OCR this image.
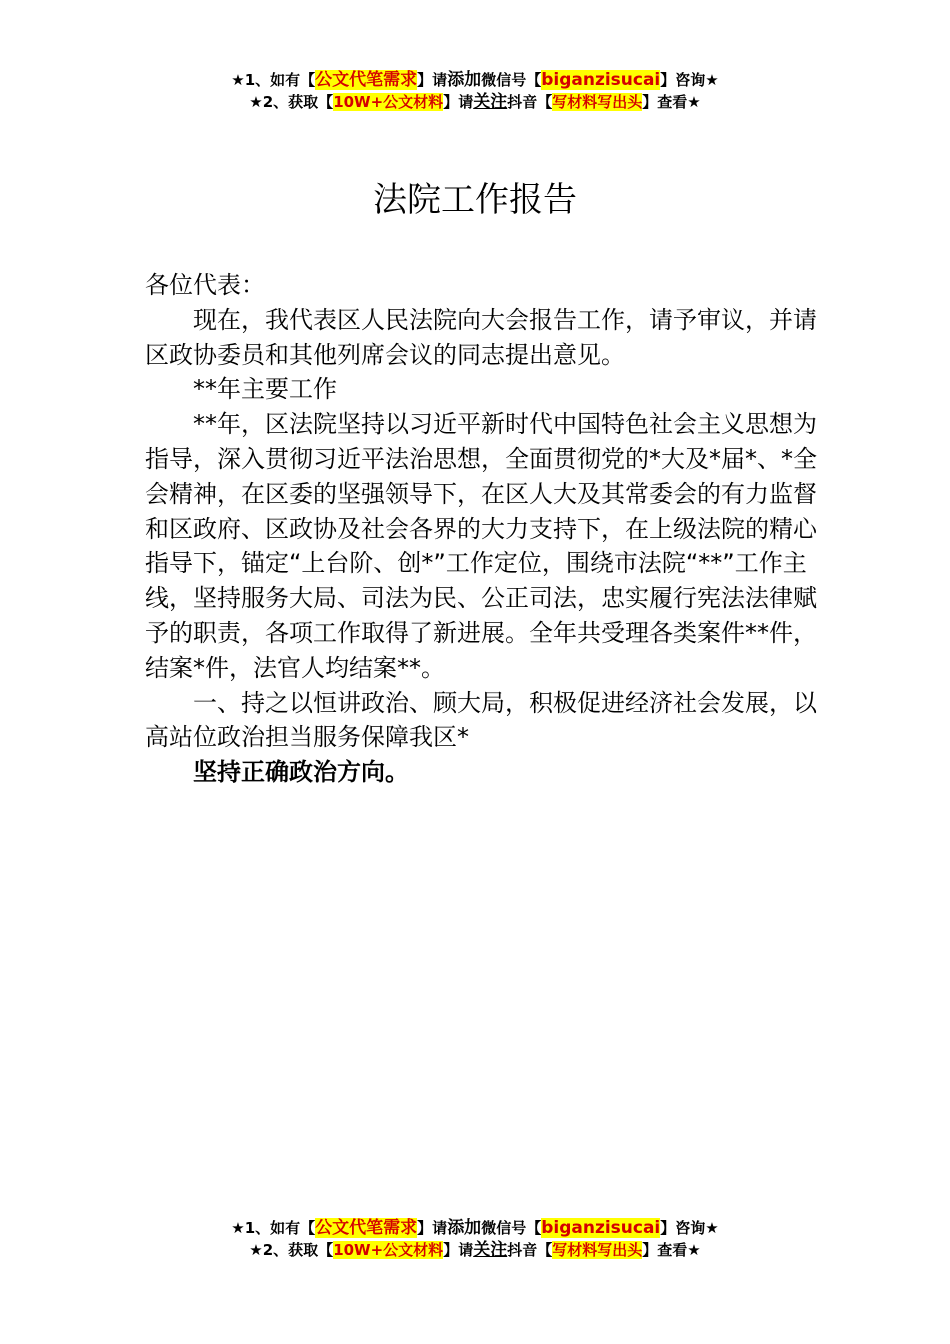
★1、如有【公文代笔需求】请添加微信号【biganzisucai】咨询★
★2、获取【10W+公文材料】请关注抖音【写材料写出头】查看★
法院工作报告

各位代表：

现在，我代表区人民法院向大会报告工作，请予审议，并请区政协委员和其他列席会议的同志提出意见。

**年主要工作

**年，区法院坚持以习近平新时代中国特色社会主义思想为指导，深入贯彻习近平法治思想，全面贯彻党的*大及*届*、*全会精神，在区委的坚强领导下，在区人大及其常委会的有力监督和区政府、区政协及社会各界的大力支持下，在上级法院的精心指导下，锚定“上台阶、创*”工作定位，围绕市法院“**”工作主线，坚持服务大局、司法为民、公正司法，忠实履行宪法法律赋予的职责，各项工作取得了新进展。全年共受理各类案件**件，结案*件，法官人均结案**。

一、持之以恒讲政治、顾大局，积极促进经济社会发展，以高站位政治担当服务保障我区*

坚持正确政治方向。

★1、如有【公文代笔需求】请添加微信号【biganzisucai】咨询★
★2、获取【10W+公文材料】请关注抖音【写材料写出头】查看★
